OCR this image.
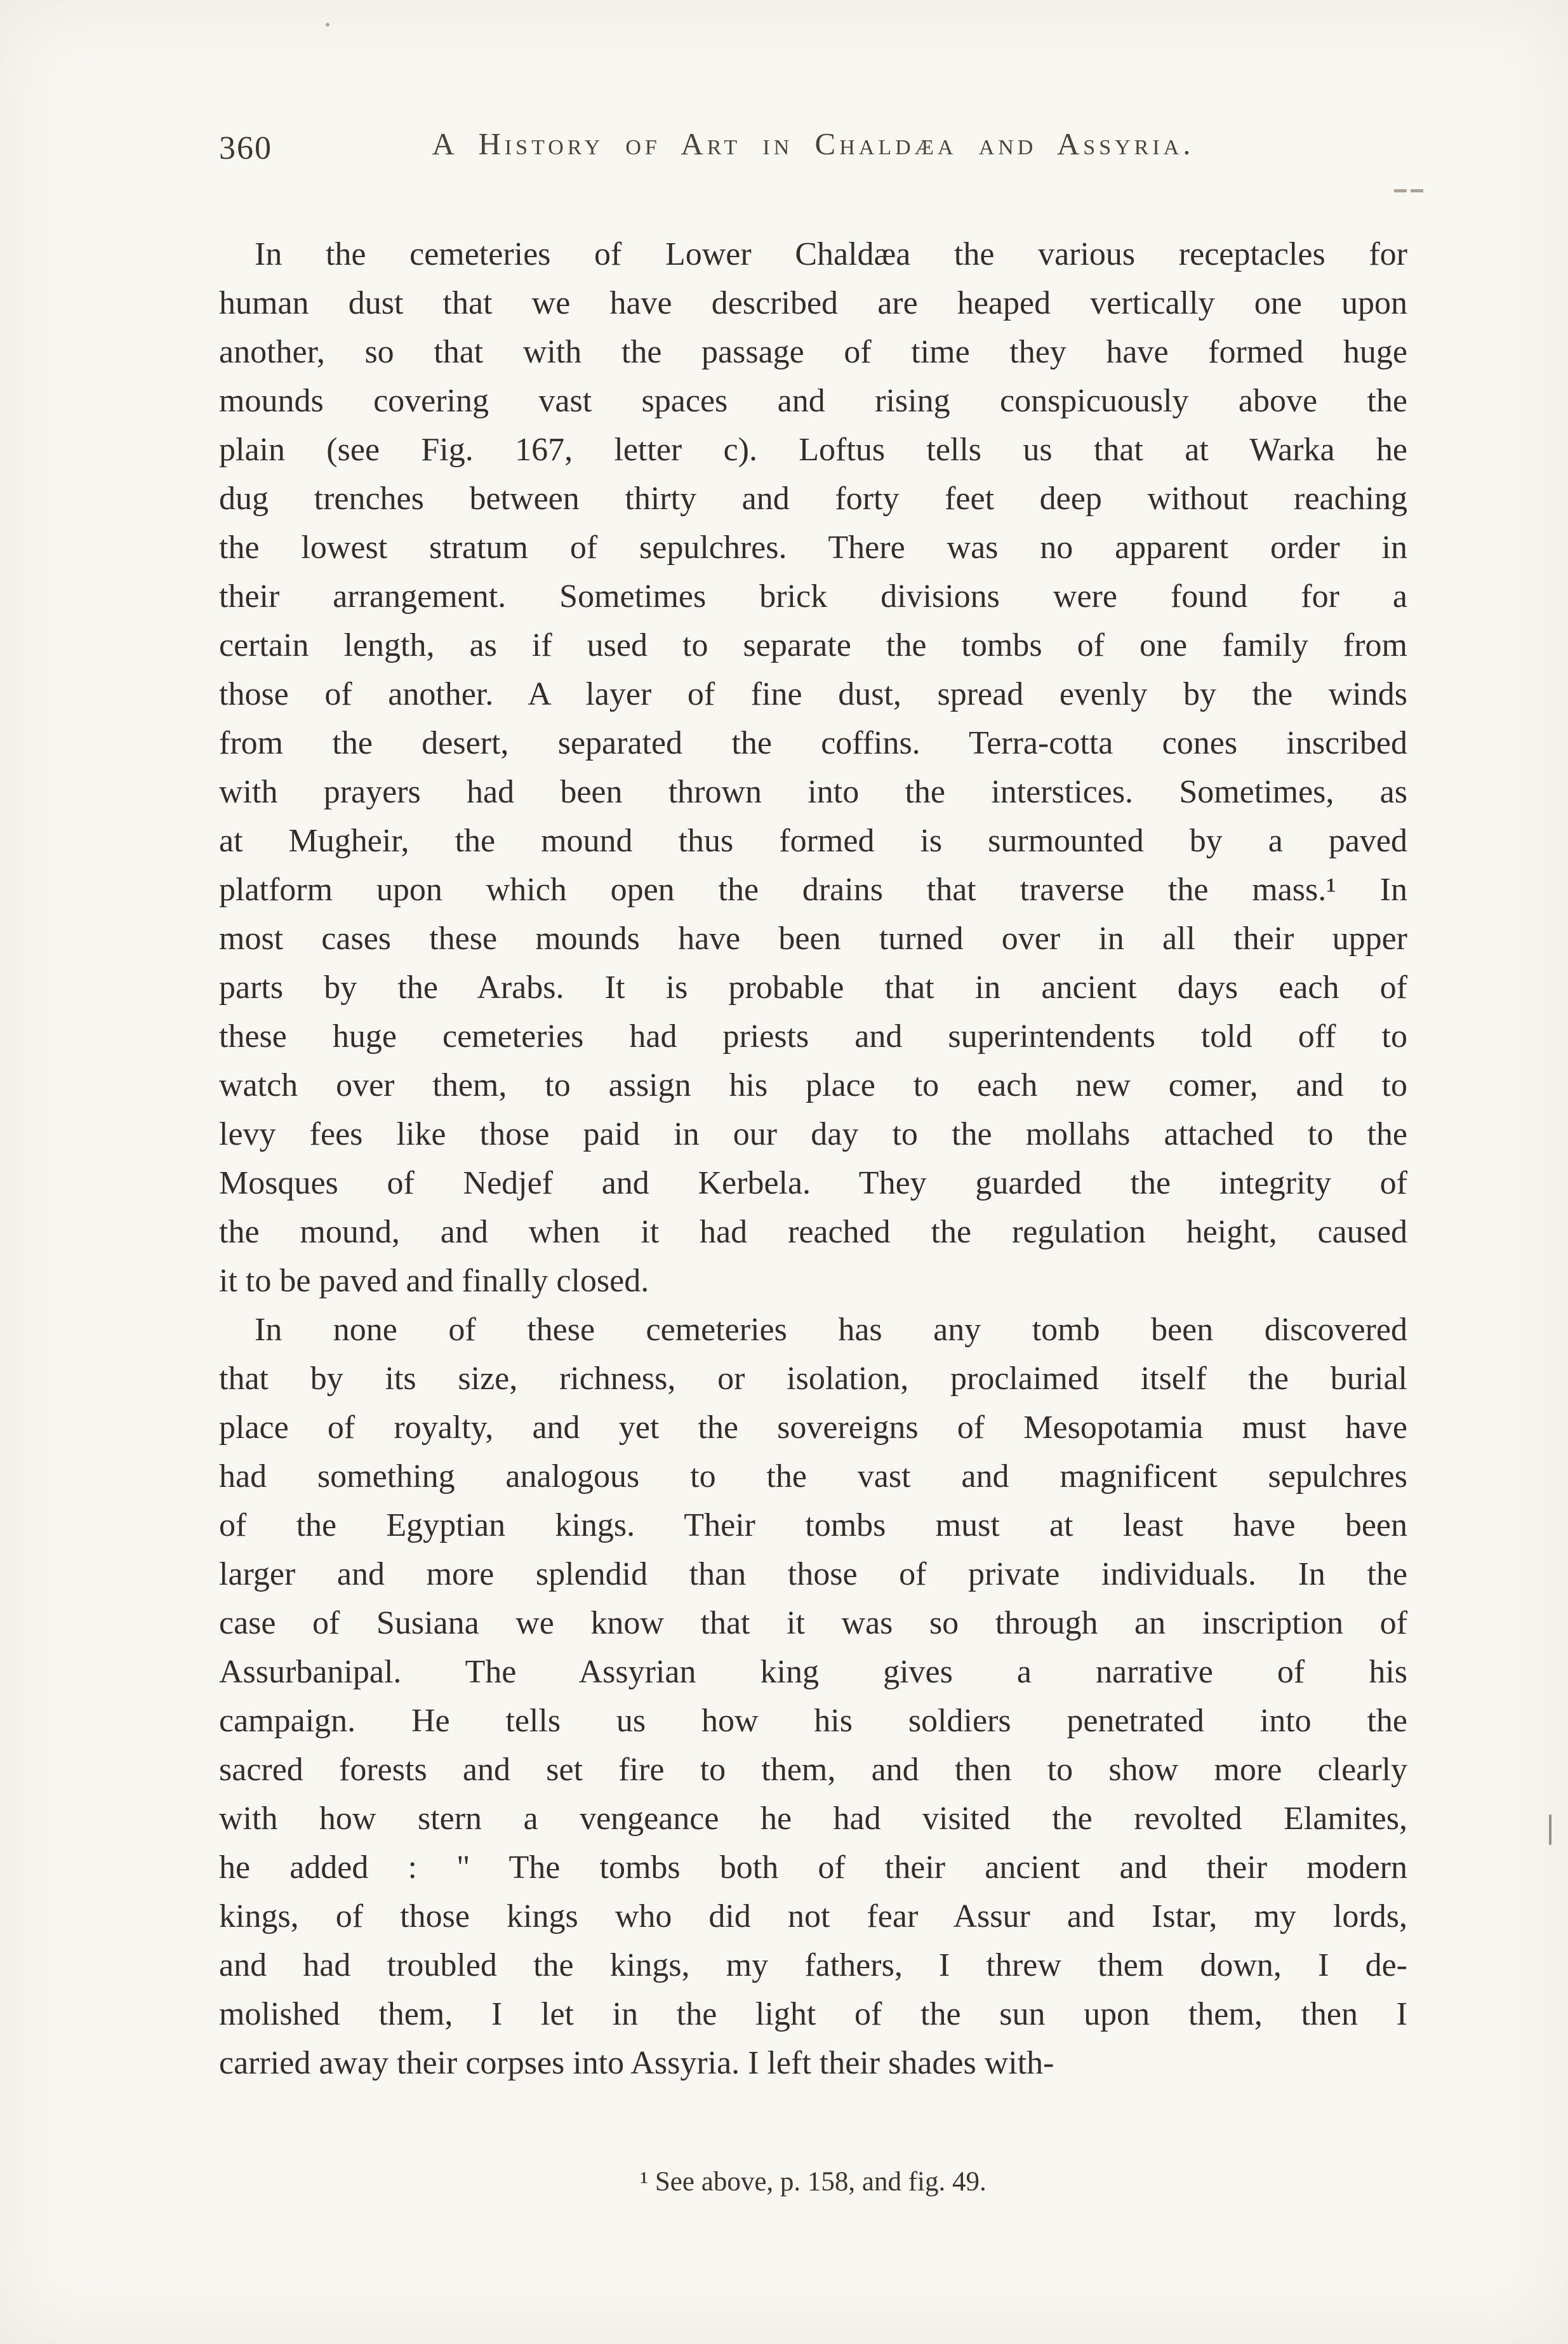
360	A History of Art in Chaldæa and Assyria.
In the cemeteries of Lower Chaldæa the various receptacles for
human dust that we have described are heaped vertically one upon
another, so that with the passage of time they have formed huge
mounds covering vast spaces and rising conspicuously above the
plain (see Fig. 167, letter c). Loftus tells us that at Warka he
dug trenches between thirty and forty feet deep without reaching
the lowest stratum of sepulchres. There was no apparent order in
their arrangement. Sometimes brick divisions were found for a
certain length, as if used to separate the tombs of one family from
those of another. A layer of fine dust, spread evenly by the winds
from the desert, separated the coffins. Terra-cotta cones inscribed
with prayers had been thrown into the interstices. Sometimes, as
at Mugheir, the mound thus formed is surmounted by a paved
platform upon which open the drains that traverse the mass.¹ In
most cases these mounds have been turned over in all their upper
parts by the Arabs. It is probable that in ancient days each of
these huge cemeteries had priests and superintendents told off to
watch over them, to assign his place to each new comer, and to
levy fees like those paid in our day to the mollahs attached to the
Mosques of Nedjef and Kerbela. They guarded the integrity of
the mound, and when it had reached the regulation height, caused
it to be paved and finally closed.
In none of these cemeteries has any tomb been discovered
that by its size, richness, or isolation, proclaimed itself the burial
place of royalty, and yet the sovereigns of Mesopotamia must have
had something analogous to the vast and magnificent sepulchres
of the Egyptian kings. Their tombs must at least have been
larger and more splendid than those of private individuals. In the
case of Susiana we know that it was so through an inscription of
Assurbanipal. The Assyrian king gives a narrative of his
campaign. He tells us how his soldiers penetrated into the
sacred forests and set fire to them, and then to show more clearly
with how stern a vengeance he had visited the revolted Elamites,
he added : " The tombs both of their ancient and their modern
kings, of those kings who did not fear Assur and Istar, my lords,
and had troubled the kings, my fathers, I threw them down, I de-
molished them, I let in the light of the sun upon them, then I
carried away their corpses into Assyria. I left their shades with-
¹ See above, p. 158, and fig. 49.
